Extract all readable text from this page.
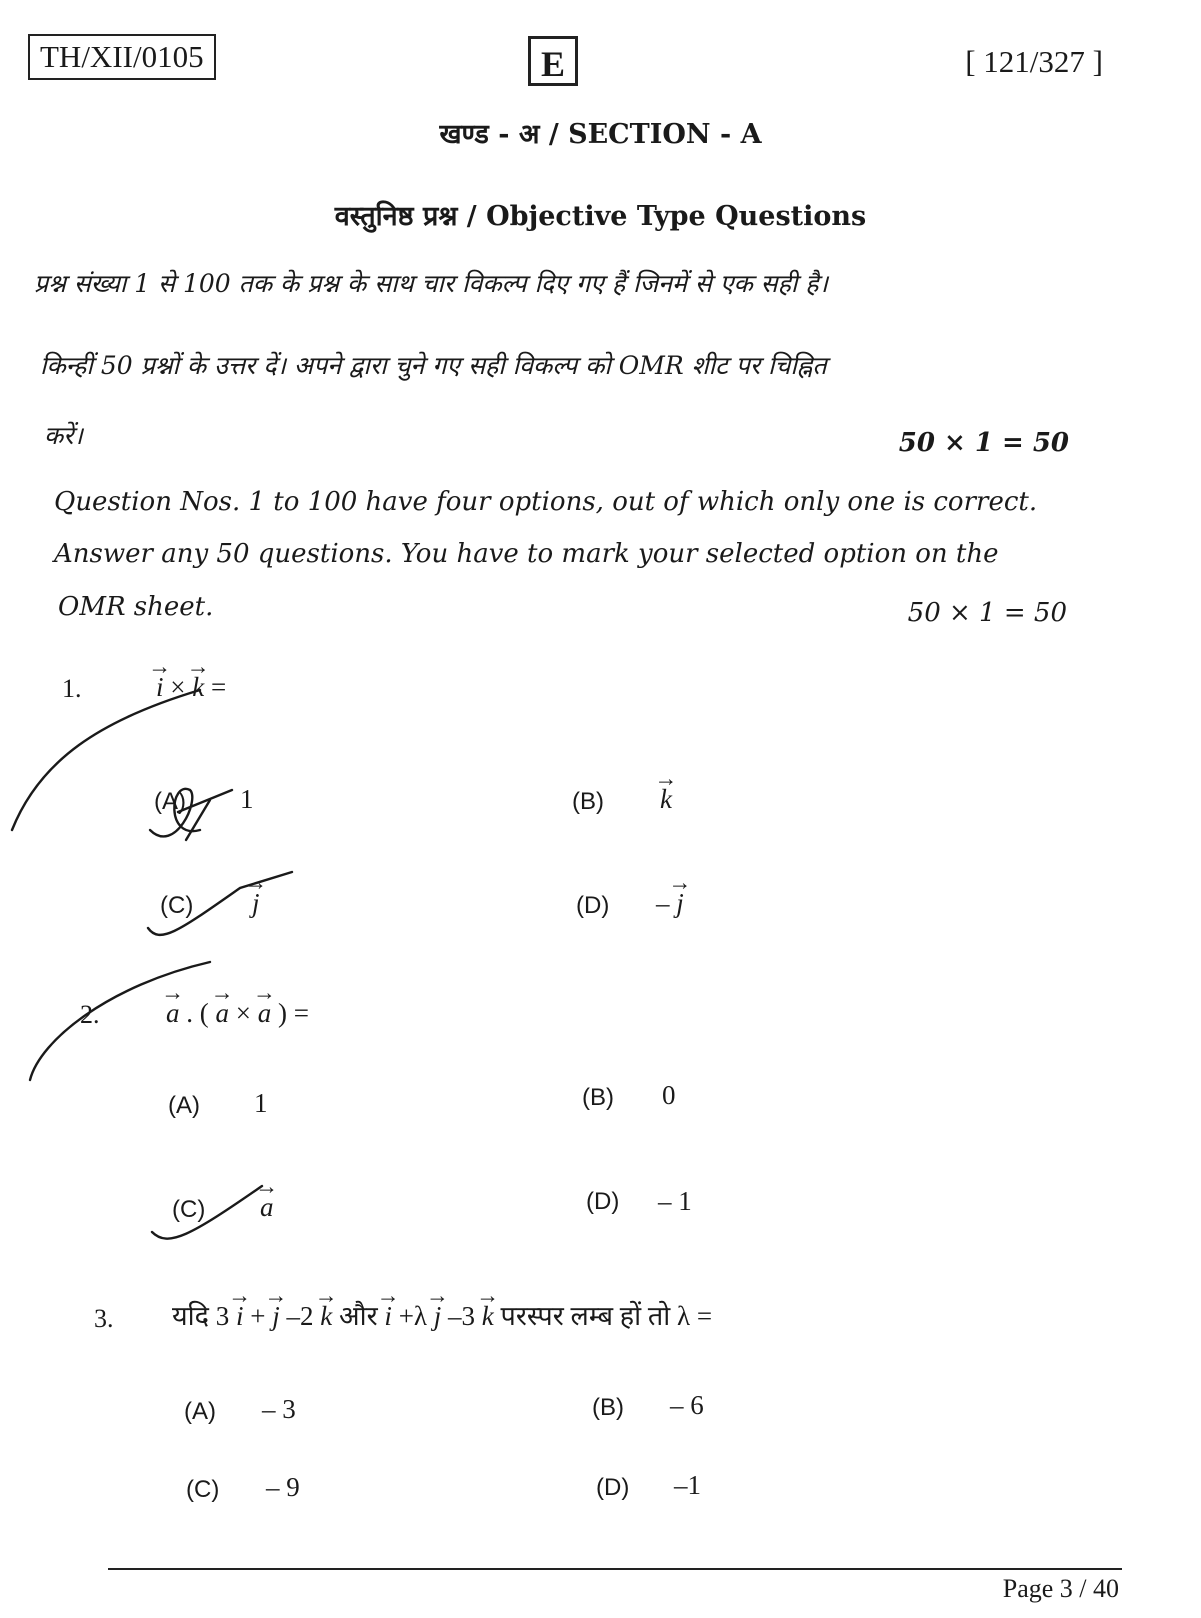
TH/XII/0105	E	[ 121/327 ]
खण्ड - अ / SECTION - A
वस्तुनिष्ठ प्रश्न / Objective Type Questions
प्रश्न संख्या 1 से 100 तक के प्रश्न के साथ चार विकल्प दिए गए हैं जिनमें से एक सही है।
किन्हीं 50 प्रश्नों के उत्तर दें। अपने द्वारा चुने गए सही विकल्प को OMR शीट पर चिह्नित
करें।	50 × 1 = 50
Question Nos. 1 to 100 have four options, out of which only one is correct.
Answer any 50 questions. You have to mark your selected option on the
OMR sheet.	50 × 1 = 50
1.	→ i × → k =
(A) 1	(B) → k
(C) → j	(D) – → j
2. → a . ( → a × → a ) =
(A) 1	(B) 0
(C) → a	(D) – 1
3. यदि 3 → i + → j –2 → k और → i +λ → j –3 → k परस्पर लम्ब हों तो λ =
(A) – 3	(B) – 6
(C) – 9	(D) –1
Page 3 / 40
